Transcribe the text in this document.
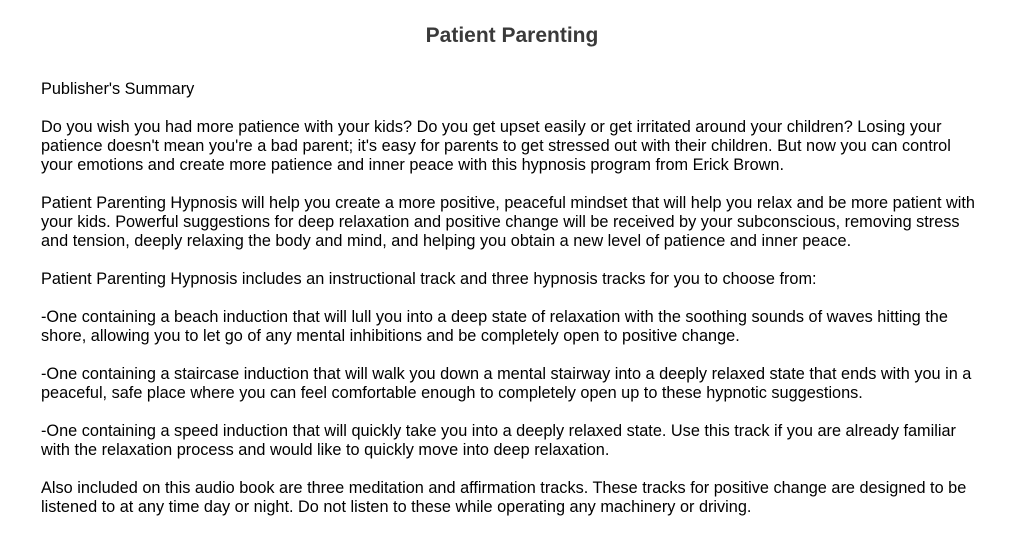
Patient Parenting

Publisher's Summary

Do you wish you had more patience with your kids? Do you get upset easily or get irritated around your children? Losing your patience doesn't mean you're a bad parent; it's easy for parents to get stressed out with their children. But now you can control your emotions and create more patience and inner peace with this hypnosis program from Erick Brown.

Patient Parenting Hypnosis will help you create a more positive, peaceful mindset that will help you relax and be more patient with your kids. Powerful suggestions for deep relaxation and positive change will be received by your subconscious, removing stress and tension, deeply relaxing the body and mind, and helping you obtain a new level of patience and inner peace.

Patient Parenting Hypnosis includes an instructional track and three hypnosis tracks for you to choose from:

-One containing a beach induction that will lull you into a deep state of relaxation with the soothing sounds of waves hitting the shore, allowing you to let go of any mental inhibitions and be completely open to positive change.

-One containing a staircase induction that will walk you down a mental stairway into a deeply relaxed state that ends with you in a peaceful, safe place where you can feel comfortable enough to completely open up to these hypnotic suggestions.

-One containing a speed induction that will quickly take you into a deeply relaxed state. Use this track if you are already familiar with the relaxation process and would like to quickly move into deep relaxation.

Also included on this audio book are three meditation and affirmation tracks. These tracks for positive change are designed to be listened to at any time day or night. Do not listen to these while operating any machinery or driving.
